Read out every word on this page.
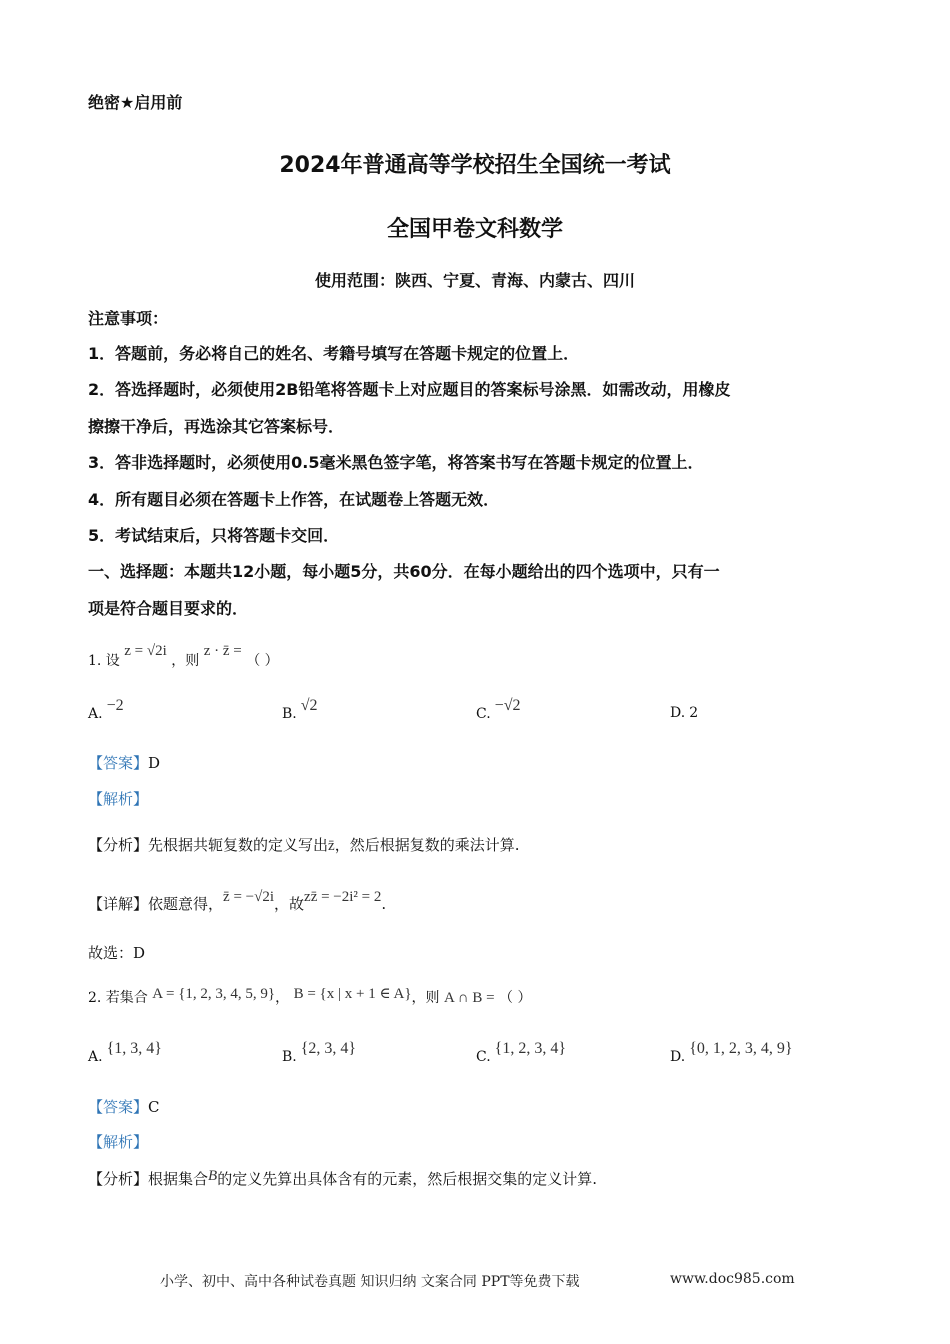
绝密★启用前
2024年普通高等学校招生全国统一考试
全国甲卷文科数学
使用范围：陕西、宁夏、青海、内蒙古、四川
注意事项：
1．答题前，务必将自己的姓名、考籍号填写在答题卡规定的位置上．
2．答选择题时，必须使用2B铅笔将答题卡上对应题目的答案标号涂黑．如需改动，用橡皮
擦擦干净后，再选涂其它答案标号．
3．答非选择题时，必须使用0.5毫米黑色签字笔，将答案书写在答题卡规定的位置上．
4．所有题目必须在答题卡上作答，在试题卷上答题无效．
5．考试结束后，只将答题卡交回．
一、选择题：本题共12小题，每小题5分，共60分．在每小题给出的四个选项中，只有一
项是符合题目要求的．
1. 设 z = √2i ，则 z · z̄ = （ ）
A. −2	B. √2	C. −√2	D. 2
【答案】D
【解析】
【分析】先根据共轭复数的定义写出z̄，然后根据复数的乘法计算.
【详解】依题意得，z̄ = −√2i，故zz̄ = −2i² = 2.
故选：D
2. 若集合 A = {1, 2, 3, 4, 5, 9}， B = {x | x + 1 ∈ A}，则 A ∩ B = （ ）
A. {1, 3, 4}	B. {2, 3, 4}	C. {1, 2, 3, 4}	D. {0, 1, 2, 3, 4, 9}
【答案】C
【解析】
【分析】根据集合B的定义先算出具体含有的元素，然后根据交集的定义计算.
小学、初中、高中各种试卷真题 知识归纳 文案合同 PPT等免费下载	www.doc985.com
